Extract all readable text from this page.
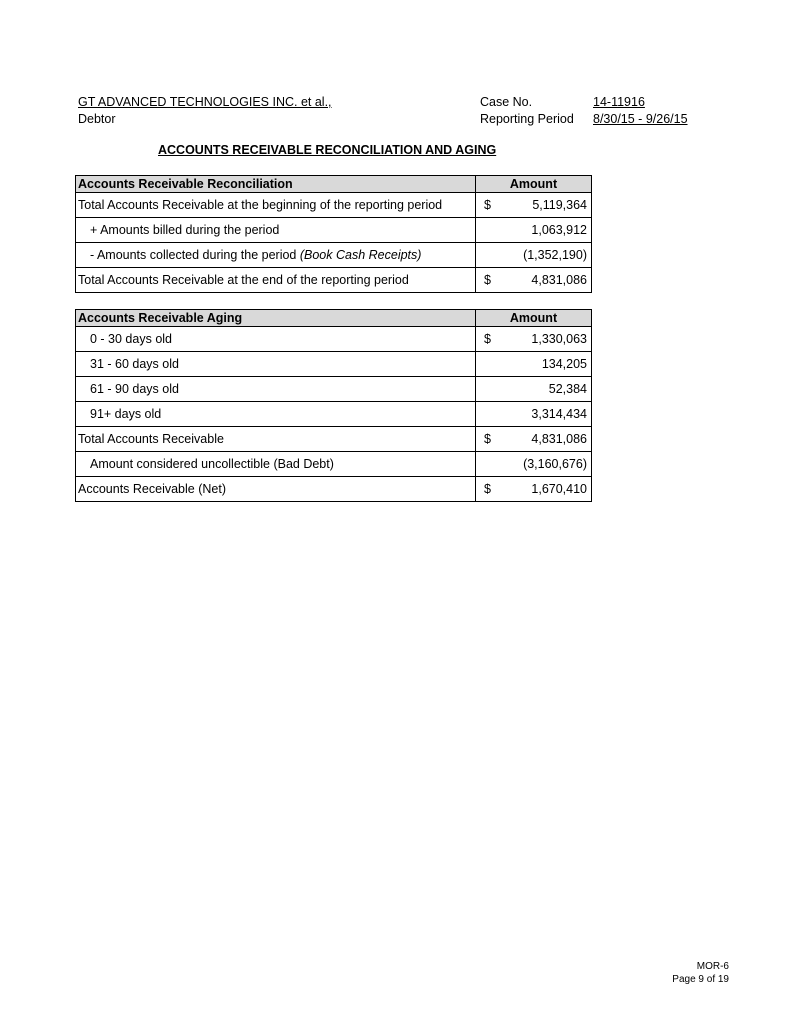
GT ADVANCED TECHNOLOGIES INC. et al.,
Debtor
Case No.	14-11916
Reporting Period 8/30/15 - 9/26/15
ACCOUNTS RECEIVABLE RECONCILIATION AND AGING
Accounts Receivable Reconciliation	Amount
Total Accounts Receivable at the beginning of the reporting period	$ 5,119,364
+ Amounts billed during the period	1,063,912
- Amounts collected during the period (Book Cash Receipts)	(1,352,190)
Total Accounts Receivable at the end of the reporting period	$ 4,831,086
Accounts Receivable Aging	Amount
0 - 30 days old	$ 1,330,063
31 - 60 days old	134,205
61 - 90 days old	52,384
91+ days old	3,314,434
Total Accounts Receivable	$ 4,831,086
Amount considered uncollectible (Bad Debt)	(3,160,676)
Accounts Receivable (Net)	$ 1,670,410
MOR-6
Page 9 of 19
